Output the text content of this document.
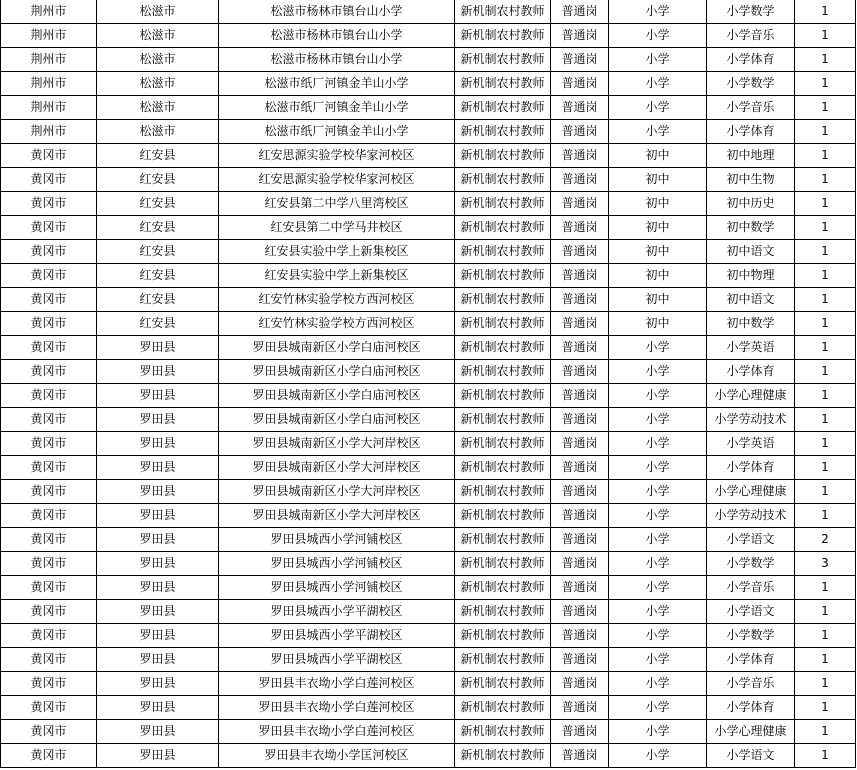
荆州市	松滋市	松滋市杨林市镇台山小学	新机制农村教师	普通岗	小学	小学数学	1
荆州市	松滋市	松滋市杨林市镇台山小学	新机制农村教师	普通岗	小学	小学音乐	1
荆州市	松滋市	松滋市杨林市镇台山小学	新机制农村教师	普通岗	小学	小学体育	1
荆州市	松滋市	松滋市纸厂河镇金羊山小学	新机制农村教师	普通岗	小学	小学数学	1
荆州市	松滋市	松滋市纸厂河镇金羊山小学	新机制农村教师	普通岗	小学	小学音乐	1
荆州市	松滋市	松滋市纸厂河镇金羊山小学	新机制农村教师	普通岗	小学	小学体育	1
黄冈市	红安县	红安思源实验学校华家河校区	新机制农村教师	普通岗	初中	初中地理	1
黄冈市	红安县	红安思源实验学校华家河校区	新机制农村教师	普通岗	初中	初中生物	1
黄冈市	红安县	红安县第二中学八里湾校区	新机制农村教师	普通岗	初中	初中历史	1
黄冈市	红安县	红安县第二中学马井校区	新机制农村教师	普通岗	初中	初中数学	1
黄冈市	红安县	红安县实验中学上新集校区	新机制农村教师	普通岗	初中	初中语文	1
黄冈市	红安县	红安县实验中学上新集校区	新机制农村教师	普通岗	初中	初中物理	1
黄冈市	红安县	红安竹林实验学校方西河校区	新机制农村教师	普通岗	初中	初中语文	1
黄冈市	红安县	红安竹林实验学校方西河校区	新机制农村教师	普通岗	初中	初中数学	1
黄冈市	罗田县	罗田县城南新区小学白庙河校区	新机制农村教师	普通岗	小学	小学英语	1
黄冈市	罗田县	罗田县城南新区小学白庙河校区	新机制农村教师	普通岗	小学	小学体育	1
黄冈市	罗田县	罗田县城南新区小学白庙河校区	新机制农村教师	普通岗	小学	小学心理健康	1
黄冈市	罗田县	罗田县城南新区小学白庙河校区	新机制农村教师	普通岗	小学	小学劳动技术	1
黄冈市	罗田县	罗田县城南新区小学大河岸校区	新机制农村教师	普通岗	小学	小学英语	1
黄冈市	罗田县	罗田县城南新区小学大河岸校区	新机制农村教师	普通岗	小学	小学体育	1
黄冈市	罗田县	罗田县城南新区小学大河岸校区	新机制农村教师	普通岗	小学	小学心理健康	1
黄冈市	罗田县	罗田县城南新区小学大河岸校区	新机制农村教师	普通岗	小学	小学劳动技术	1
黄冈市	罗田县	罗田县城西小学河铺校区	新机制农村教师	普通岗	小学	小学语文	2
黄冈市	罗田县	罗田县城西小学河铺校区	新机制农村教师	普通岗	小学	小学数学	3
黄冈市	罗田县	罗田县城西小学河铺校区	新机制农村教师	普通岗	小学	小学音乐	1
黄冈市	罗田县	罗田县城西小学平湖校区	新机制农村教师	普通岗	小学	小学语文	1
黄冈市	罗田县	罗田县城西小学平湖校区	新机制农村教师	普通岗	小学	小学数学	1
黄冈市	罗田县	罗田县城西小学平湖校区	新机制农村教师	普通岗	小学	小学体育	1
黄冈市	罗田县	罗田县丰衣坳小学白莲河校区	新机制农村教师	普通岗	小学	小学音乐	1
黄冈市	罗田县	罗田县丰衣坳小学白莲河校区	新机制农村教师	普通岗	小学	小学体育	1
黄冈市	罗田县	罗田县丰衣坳小学白莲河校区	新机制农村教师	普通岗	小学	小学心理健康	1
黄冈市	罗田县	罗田县丰衣坳小学匡河校区	新机制农村教师	普通岗	小学	小学语文	1
